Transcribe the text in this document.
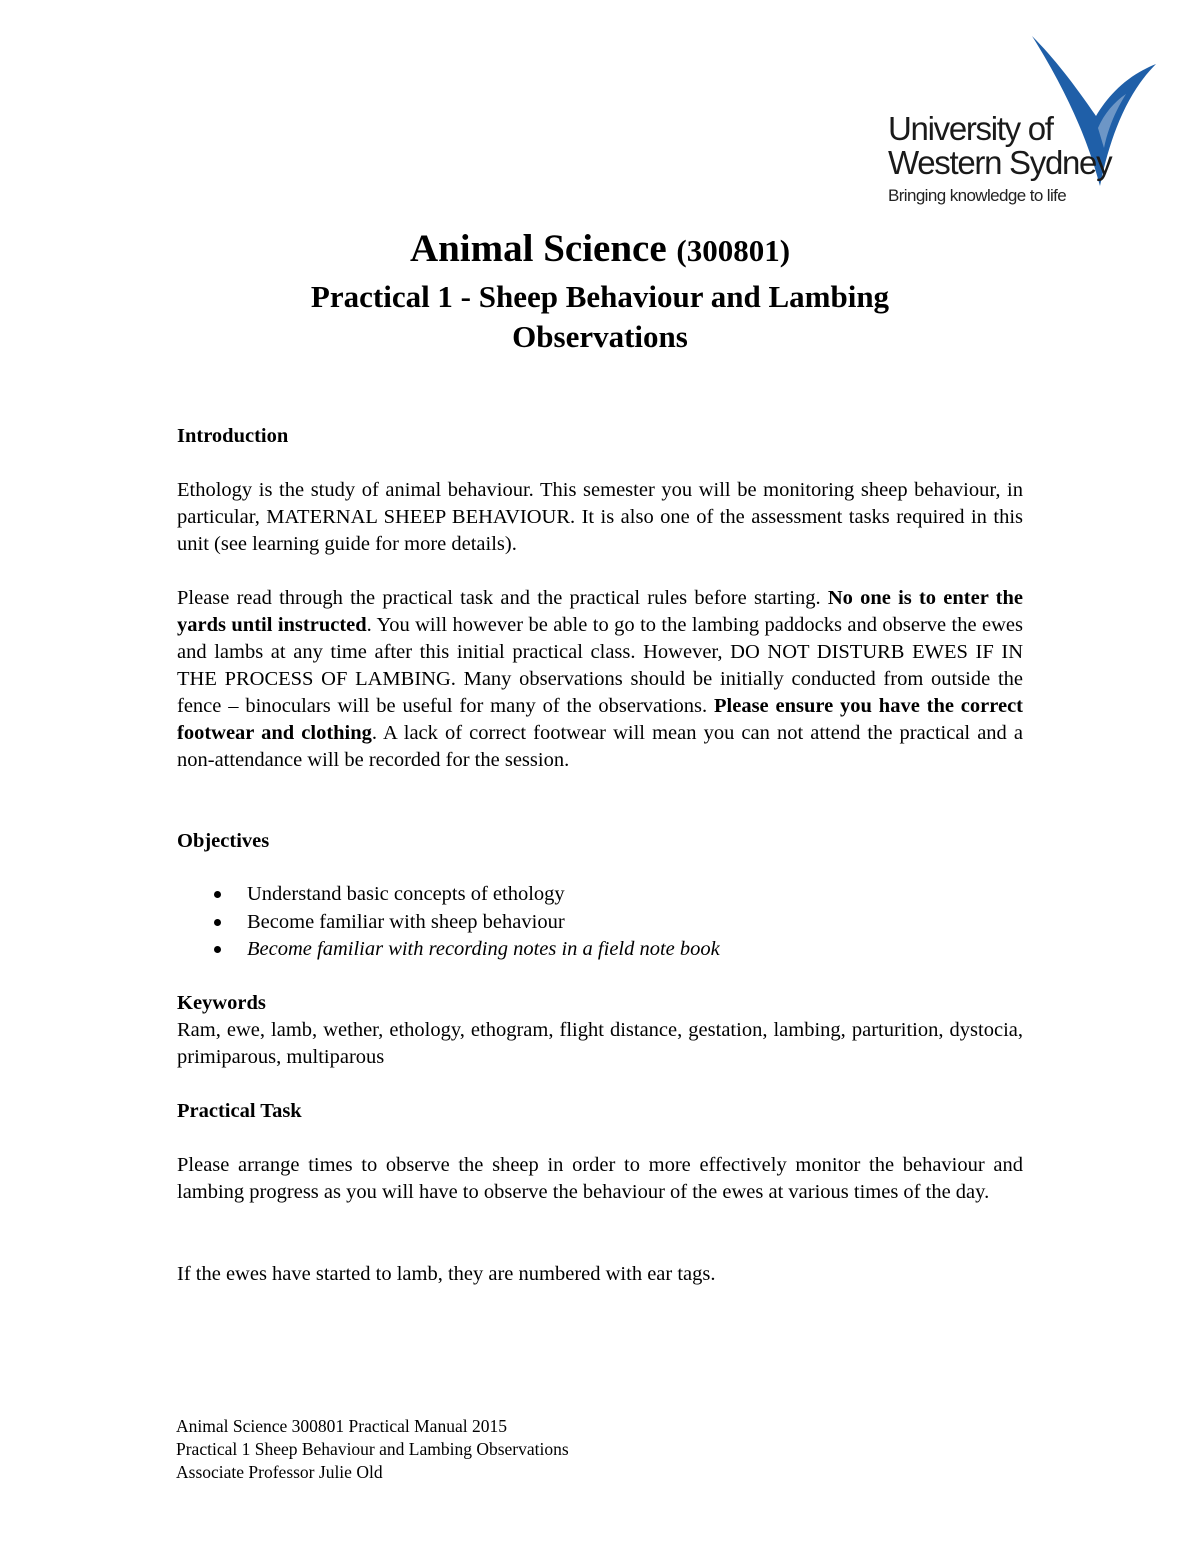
University of
Western Sydney
Bringing knowledge to life
Animal Science (300801)
Practical 1 - Sheep Behaviour and Lambing
Observations
Introduction
Ethology is the study of animal behaviour. This semester you will be monitoring sheep behaviour, in particular, MATERNAL SHEEP BEHAVIOUR. It is also one of the assessment tasks required in this unit (see learning guide for more details).
Please read through the practical task and the practical rules before starting. No one is to enter the yards until instructed. You will however be able to go to the lambing paddocks and observe the ewes and lambs at any time after this initial practical class. However, DO NOT DISTURB EWES IF IN THE PROCESS OF LAMBING. Many observations should be initially conducted from outside the fence – binoculars will be useful for many of the observations. Please ensure you have the correct footwear and clothing. A lack of correct footwear will mean you can not attend the practical and a non-attendance will be recorded for the session.
Objectives
Understand basic concepts of ethology
Become familiar with sheep behaviour
Become familiar with recording notes in a field note book
Keywords
Ram, ewe, lamb, wether, ethology, ethogram, flight distance, gestation, lambing, parturition, dystocia, primiparous, multiparous
Practical Task
Please arrange times to observe the sheep in order to more effectively monitor the behaviour and lambing progress as you will have to observe the behaviour of the ewes at various times of the day.
If the ewes have started to lamb, they are numbered with ear tags.
Animal Science 300801 Practical Manual 2015
Practical 1 Sheep Behaviour and Lambing Observations
Associate Professor Julie Old
